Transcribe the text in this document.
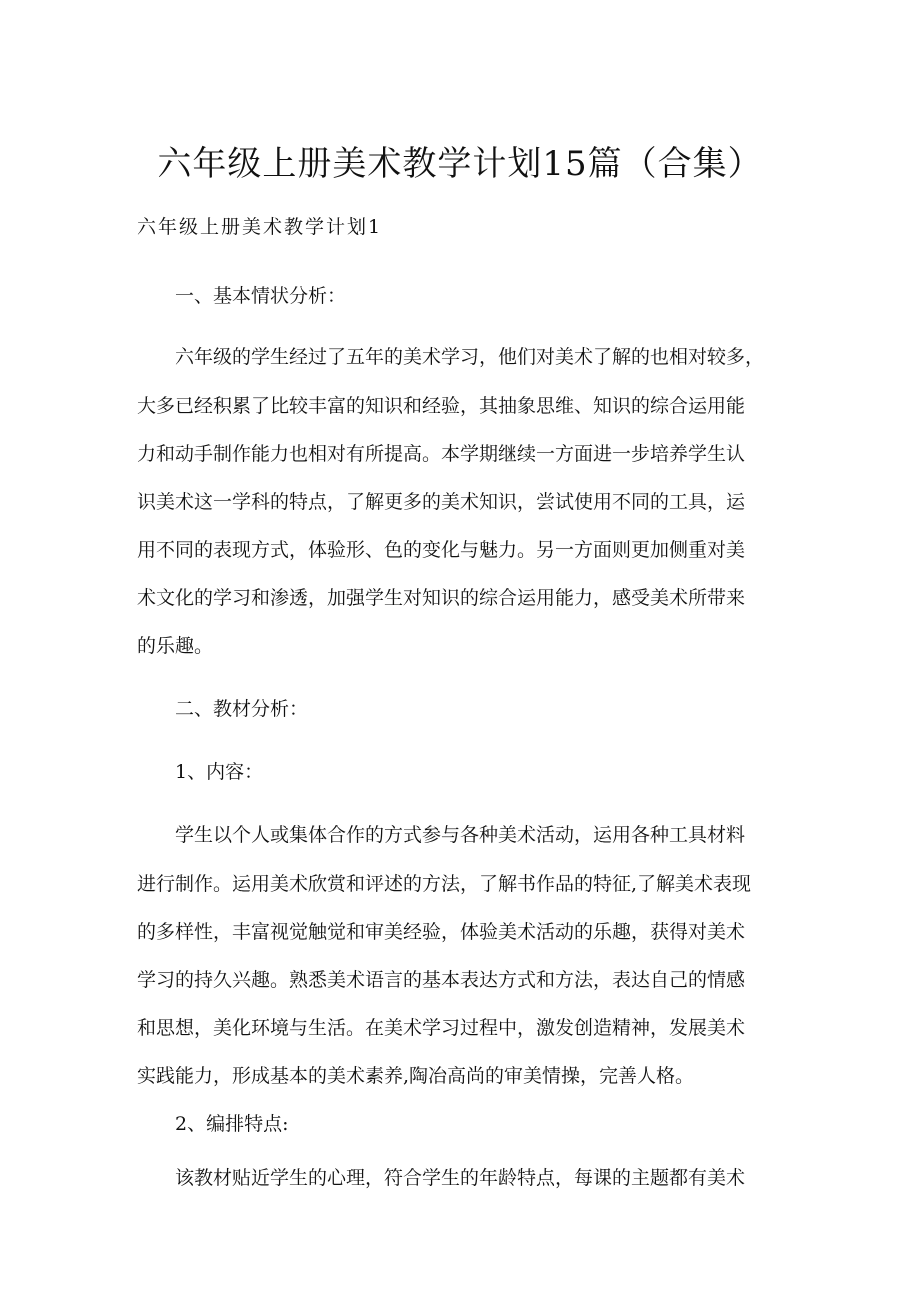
六年级上册美术教学计划15篇（合集）
六年级上册美术教学计划1
一、基本情状分析：
六年级的学生经过了五年的美术学习，他们对美术了解的也相对较多，
大多已经积累了比较丰富的知识和经验，其抽象思维、知识的综合运用能
力和动手制作能力也相对有所提高。本学期继续一方面进一步培养学生认
识美术这一学科的特点，了解更多的美术知识，尝试使用不同的工具，运
用不同的表现方式，体验形、色的变化与魅力。另一方面则更加侧重对美
术文化的学习和渗透，加强学生对知识的综合运用能力，感受美术所带来
的乐趣。
二、教材分析：
1、内容：
学生以个人或集体合作的方式参与各种美术活动，运用各种工具材料
进行制作。运用美术欣赏和评述的方法，了解书作品的特征,了解美术表现
的多样性，丰富视觉触觉和审美经验，体验美术活动的乐趣，获得对美术
学习的持久兴趣。熟悉美术语言的基本表达方式和方法，表达自己的情感
和思想，美化环境与生活。在美术学习过程中，激发创造精神，发展美术
实践能力，形成基本的美术素养,陶冶高尚的审美情操，完善人格。
2、编排特点:
该教材贴近学生的心理，符合学生的年龄特点，每课的主题都有美术
